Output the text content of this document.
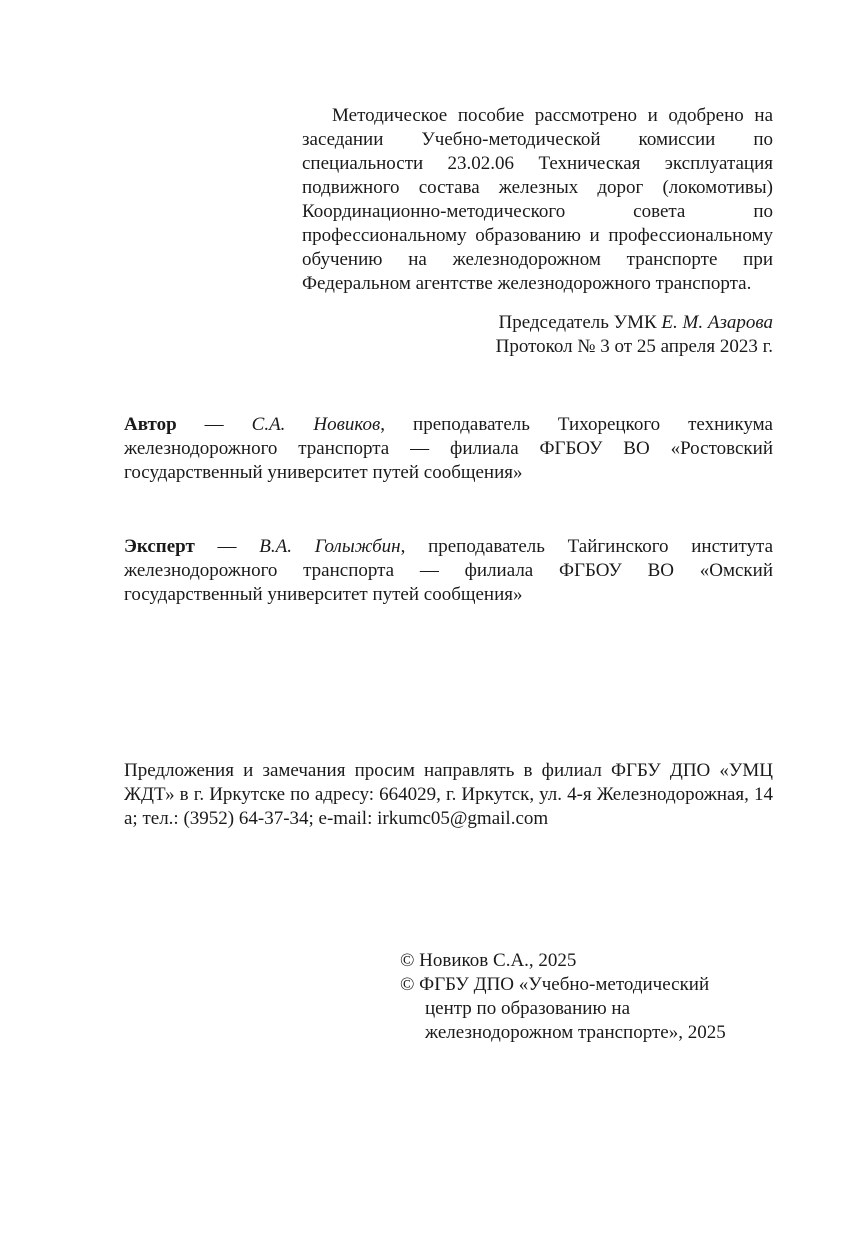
Методическое пособие рассмотрено и одобрено на заседании Учебно-методической комиссии по специальности 23.02.06 Техническая эксплуатация подвижного состава железных дорог (локомотивы) Координационно-методического совета по профессиональному образованию и профессиональному обучению на железнодорожном транспорте при Федеральном агентстве железнодорожного транспорта.
Председатель УМК Е. М. Азарова
Протокол № 3 от 25 апреля 2023 г.
Автор — С.А. Новиков, преподаватель Тихорецкого техникума железнодорожного транспорта — филиала ФГБОУ ВО «Ростовский государственный университет путей сообщения»
Эксперт — В.А. Голыжбин, преподаватель Тайгинского института железнодорожного транспорта — филиала ФГБОУ ВО «Омский государственный университет путей сообщения»
Предложения и замечания просим направлять в филиал ФГБУ ДПО «УМЦ ЖДТ» в г. Иркутске по адресу: 664029, г. Иркутск, ул. 4-я Железнодорожная, 14 а; тел.: (3952) 64-37-34; e-mail: irkumc05@gmail.com
© Новиков С.А., 2025
© ФГБУ ДПО «Учебно-методический центр по образованию на железнодорожном транспорте», 2025
